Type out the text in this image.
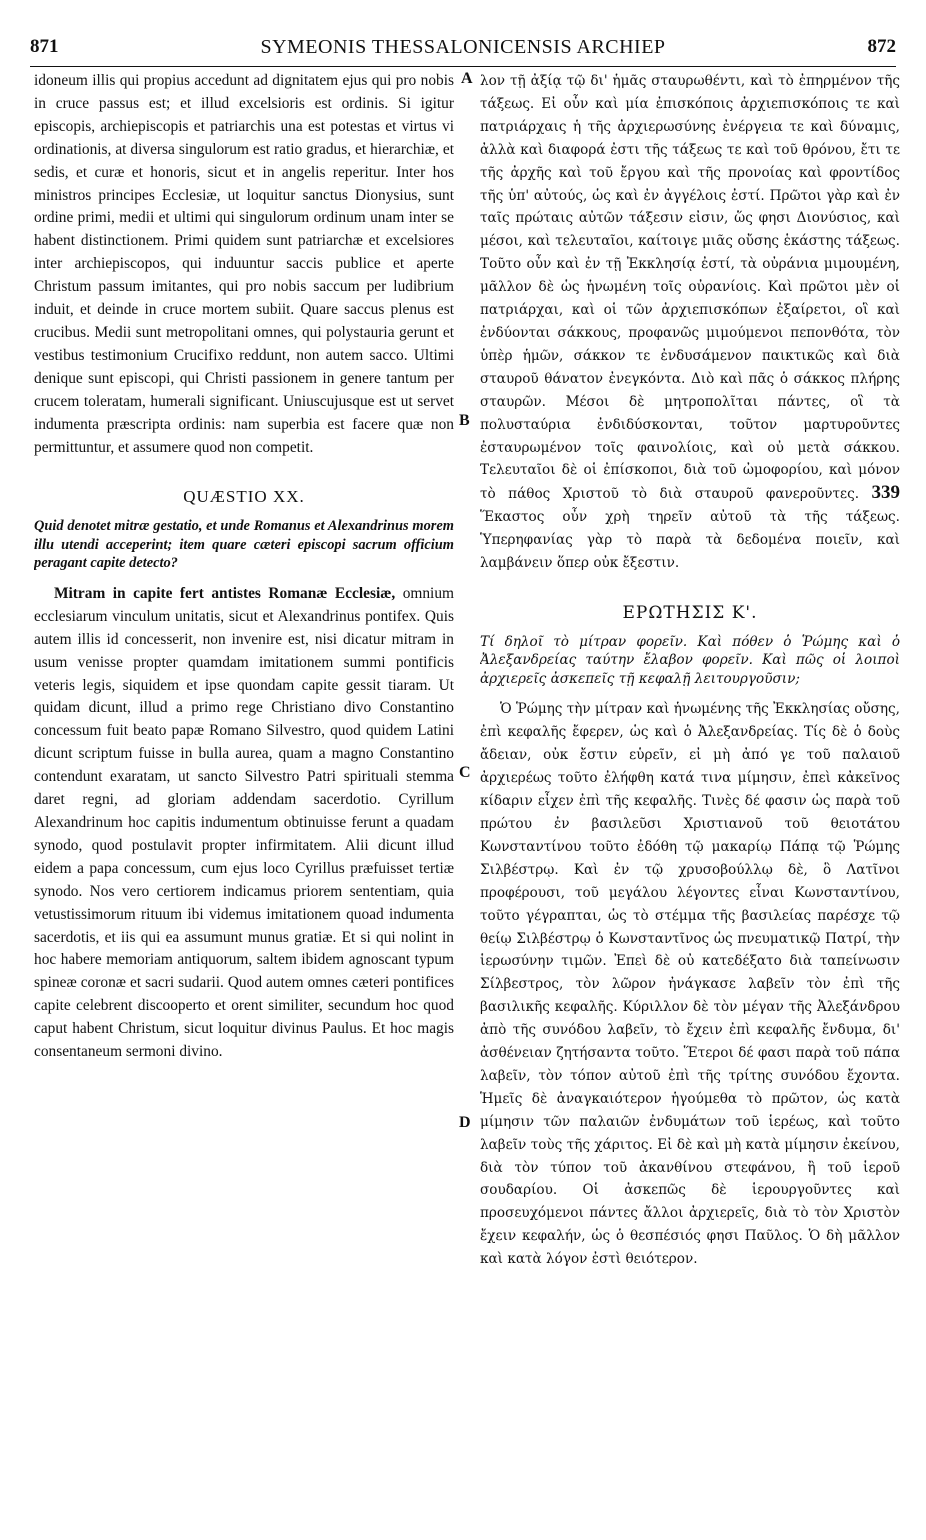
871	SYMEONIS THESSALONICENSIS ARCHIEP	872
A
B
C
D

idoneum illis qui propius accedunt ad dignitatem ejus qui pro nobis in cruce passus est; et illud excelsioris est ordinis. Si igitur episcopis, archiepiscopis et patriarchis una est potestas et virtus vi ordinationis, at diversa singulorum est ratio gradus, et hierarchiæ, et sedis, et curæ et honoris, sicut et in angelis reperitur. Inter hos ministros principes Ecclesiæ, ut loquitur sanctus Dionysius, sunt ordine primi, medii et ultimi qui singulorum ordinum unam inter se habent distinctionem. Primi quidem sunt patriarchæ et excelsiores inter archiepiscopos, qui induuntur saccis publice et aperte Christum passum imitantes, qui pro nobis saccum per ludibrium induit, et deinde in cruce mortem subiit. Quare saccus plenus est crucibus. Medii sunt metropolitani omnes, qui polystauria gerunt et vestibus testimonium Crucifixo reddunt, non autem sacco. Ultimi denique sunt episcopi, qui Christi passionem in genere tantum per crucem toleratam, humerali significant. Uniuscujusque est ut servet indumenta præscripta ordinis: nam superbia est facere quæ non permittuntur, et assumere quod non competit.

QUÆSTIO XX.

Quid denotet mitræ gestatio, et unde Romanus et Alexandrinus morem illu utendi acceperint; item quare cæteri episcopi sacrum officium peragant capite detecto?

Mitram in capite fert antistes Romanæ Ecclesiæ, omnium ecclesiarum vinculum unitatis, sicut et Alexandrinus pontifex. Quis autem illis id concesserit, non invenire est, nisi dicatur mitram in usum venisse propter quamdam imitationem summi pontificis veteris legis, siquidem et ipse quondam capite gessit tiaram. Ut quidam dicunt, illud a primo rege Christiano divo Constantino concessum fuit beato papæ Romano Silvestro, quod quidem Latini dicunt scriptum fuisse in bulla aurea, quam a magno Constantino contendunt exaratam, ut sancto Silvestro Patri spirituali stemma daret regni, ad gloriam addendam sacerdotio. Cyrillum Alexandrinum hoc capitis indumentum obtinuisse ferunt a quadam synodo, quod postulavit propter infirmitatem. Alii dicunt illud eidem a papa concessum, cum ejus loco Cyrillus præfuisset tertiæ synodo. Nos vero certiorem indicamus priorem sententiam, quia vetustissimorum rituum ibi videmus imitationem quoad indumenta sacerdotis, et iis qui ea assumunt munus gratiæ. Et si qui nolint in hoc habere memoriam antiquorum, saltem ibidem agnoscant typum spineæ coronæ et sacri sudarii. Quod autem omnes cæteri pontifices capite celebrent discooperto et orent similiter, secundum hoc quod caput habent Christum, sicut loquitur divinus Paulus. Et hoc magis consentaneum sermoni divino.

λον τῇ ἀξίᾳ τῷ δι' ἡμᾶς σταυρωθέντι, καὶ τὸ ἐπηρμένον τῆς τάξεως. Εἰ οὖν καὶ μία ἐπισκόποις ἀρχιεπισκόποις τε καὶ πατριάρχαις ἡ τῆς ἀρχιερωσύνης ἐνέργεια τε καὶ δύναμις, ἀλλὰ καὶ διαφορά ἐστι τῆς τάξεως τε καὶ τοῦ θρόνου, ἔτι τε τῆς ἀρχῆς καὶ τοῦ ἔργου καὶ τῆς προνοίας καὶ φροντίδος τῆς ὑπ' αὐτούς, ὡς καὶ ἐν ἀγγέλοις ἐστί. Πρῶτοι γὰρ καὶ ἐν ταῖς πρώταις αὐτῶν τάξεσιν εἰσιν, ὥς φησι Διονύσιος, καὶ μέσοι, καὶ τελευταῖοι, καίτοιγε μιᾶς οὔσης ἑκάστης τάξεως. Τοῦτο οὖν καὶ ἐν τῇ Ἐκκλησίᾳ ἐστί, τὰ οὐράνια μιμουμένη, μᾶλλον δὲ ὡς ἡνωμένη τοῖς οὐρανίοις. Καὶ πρῶτοι μὲν οἱ πατριάρχαι, καὶ οἱ τῶν ἀρχιεπισκόπων ἐξαίρετοι, οἳ καὶ ἐνδύονται σάκκους, προφανῶς μιμούμενοι πεπονθότα, τὸν ὑπὲρ ἡμῶν, σάκκον τε ἐνδυσάμενον παικτικῶς καὶ διὰ σταυροῦ θάνατον ἐνεγκόντα. Διὸ καὶ πᾶς ὁ σάκκος πλήρης σταυρῶν. Μέσοι δὲ μητροπολῖται πάντες, οἳ τὰ πολυσταύρια ἐνδιδύσκονται, τοῦτον μαρτυροῦντες ἐσταυρωμένον τοῖς φαινολίοις, καὶ οὐ μετὰ σάκκου. Τελευταῖοι δὲ οἱ ἐπίσκοποι, διὰ τοῦ ὠμοφορίου, καὶ μόνον τὸ πάθος Χριστοῦ τὸ διὰ σταυροῦ φανεροῦντες. 339 Ἕκαστος οὖν χρὴ τηρεῖν αὐτοῦ τὰ τῆς τάξεως. Ὑπερηφανίας γὰρ τὸ παρὰ τὰ δεδομένα ποιεῖν, καὶ λαμβάνειν ὅπερ οὐκ ἔξεστιν.

ΕΡΩΤΗΣΙΣ Κ'.

Τί δηλοῖ τὸ μίτραν φορεῖν. Καὶ πόθεν ὁ Ῥώμης καὶ ὁ Ἀλεξανδρείας ταύτην ἔλαβον φορεῖν. Καὶ πῶς οἱ λοιποὶ ἀρχιερεῖς ἀσκεπεῖς τῇ κεφαλῇ λειτουργοῦσιν;

Ὁ Ῥώμης τὴν μίτραν καὶ ἡνωμένης τῆς Ἐκκλησίας οὔσης, ἐπὶ κεφαλῆς ἔφερεν, ὡς καὶ ὁ Ἀλεξανδρείας. Τίς δὲ ὁ δοὺς ἄδειαν, οὐκ ἔστιν εὑρεῖν, εἰ μὴ ἀπό γε τοῦ παλαιοῦ ἀρχιερέως τοῦτο ἐλήφθη κατά τινα μίμησιν, ἐπεὶ κἀκεῖνος κίδαριν εἶχεν ἐπὶ τῆς κεφαλῆς. Τινὲς δέ φασιν ὡς παρὰ τοῦ πρώτου ἐν βασιλεῦσι Χριστιανοῦ τοῦ θειοτάτου Κωνσταντίνου τοῦτο ἐδόθη τῷ μακαρίῳ Πάπᾳ τῷ Ῥώμης Σιλβέστρῳ. Καὶ ἐν τῷ χρυσοβούλλῳ δὲ, ὃ Λατῖνοι προφέρουσι, τοῦ μεγάλου λέγοντες εἶναι Κωνσταντίνου, τοῦτο γέγραπται, ὡς τὸ στέμμα τῆς βασιλείας παρέσχε τῷ θείῳ Σιλβέστρῳ ὁ Κωνσταντῖνος ὡς πνευματικῷ Πατρί, τὴν ἱερωσύνην τιμῶν. Ἐπεὶ δὲ οὐ κατεδέξατο διὰ ταπείνωσιν Σίλβεστρος, τὸν λῶρον ἠνάγκασε λαβεῖν τὸν ἐπὶ τῆς βασιλικῆς κεφαλῆς. Κύριλλον δὲ τὸν μέγαν τῆς Ἀλεξάνδρου ἀπὸ τῆς συνόδου λαβεῖν, τὸ ἔχειν ἐπὶ κεφαλῆς ἔνδυμα, δι' ἀσθένειαν ζητήσαντα τοῦτο. Ἕτεροι δέ φασι παρὰ τοῦ πάπα λαβεῖν, τὸν τόπον αὐτοῦ ἐπὶ τῆς τρίτης συνόδου ἔχοντα. Ἡμεῖς δὲ ἀναγκαιότερον ἡγούμεθα τὸ πρῶτον, ὡς κατὰ μίμησιν τῶν παλαιῶν ἐνδυμάτων τοῦ ἱερέως, καὶ τοῦτο λαβεῖν τοὺς τῆς χάριτος. Εἰ δὲ καὶ μὴ κατὰ μίμησιν ἐκείνου, διὰ τὸν τύπον τοῦ ἀκανθίνου στεφάνου, ἢ τοῦ ἱεροῦ σουδαρίου. Οἱ ἀσκεπῶς δὲ ἱερουργοῦντες καὶ προσευχόμενοι πάντες ἄλλοι ἀρχιερεῖς, διὰ τὸ τὸν Χριστὸν ἔχειν κεφαλήν, ὡς ὁ θεσπέσιός φησι Παῦλος. Ὁ δὴ μᾶλλον καὶ κατὰ λόγον ἐστὶ θειότερον.
